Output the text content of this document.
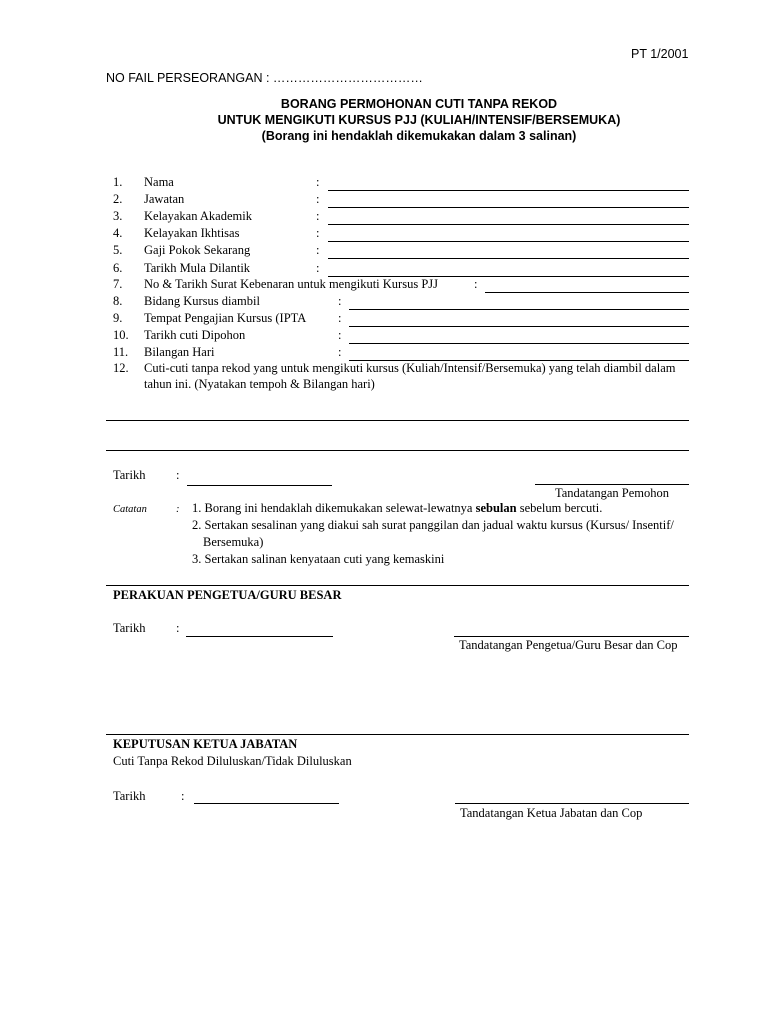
PT 1/2001
NO FAIL PERSEORANGAN : ………………………………
BORANG PERMOHONAN CUTI TANPA REKOD
UNTUK MENGIKUTI KURSUS PJJ (KULIAH/INTENSIF/BERSEMUKA)
(Borang ini hendaklah dikemukakan dalam 3 salinan)
1. Nama	:
2. Jawatan	:
3. Kelayakan Akademik	:
4. Kelayakan Ikhtisas	:
5. Gaji Pokok Sekarang	:
6. Tarikh Mula Dilantik	:
7. No & Tarikh Surat Kebenaran untuk mengikuti Kursus PJJ	:
8. Bidang Kursus diambil	:
9. Tempat Pengajian Kursus (IPTA	:
10. Tarikh cuti Dipohon	:
11. Bilangan Hari	:
12. Cuti-cuti tanpa rekod yang untuk mengikuti kursus (Kuliah/Intensif/Bersemuka) yang telah diambil dalam
tahun ini. (Nyatakan tempoh & Bilangan hari)
Tarikh :
Tandatangan Pemohon
Catatan	: 1. Borang ini hendaklah dikemukakan selewat-lewatnya sebulan sebelum bercuti.
2. Sertakan sesalinan yang diakui sah surat panggilan dan jadual waktu kursus (Kursus/ Insentif/
Bersemuka)
3. Sertakan salinan kenyataan cuti yang kemaskini
PERAKUAN PENGETUA/GURU BESAR
Tarikh :
Tandatangan Pengetua/Guru Besar dan Cop
KEPUTUSAN KETUA JABATAN
Cuti Tanpa Rekod Diluluskan/Tidak Diluluskan
Tarikh	:
Tandatangan Ketua Jabatan dan Cop
